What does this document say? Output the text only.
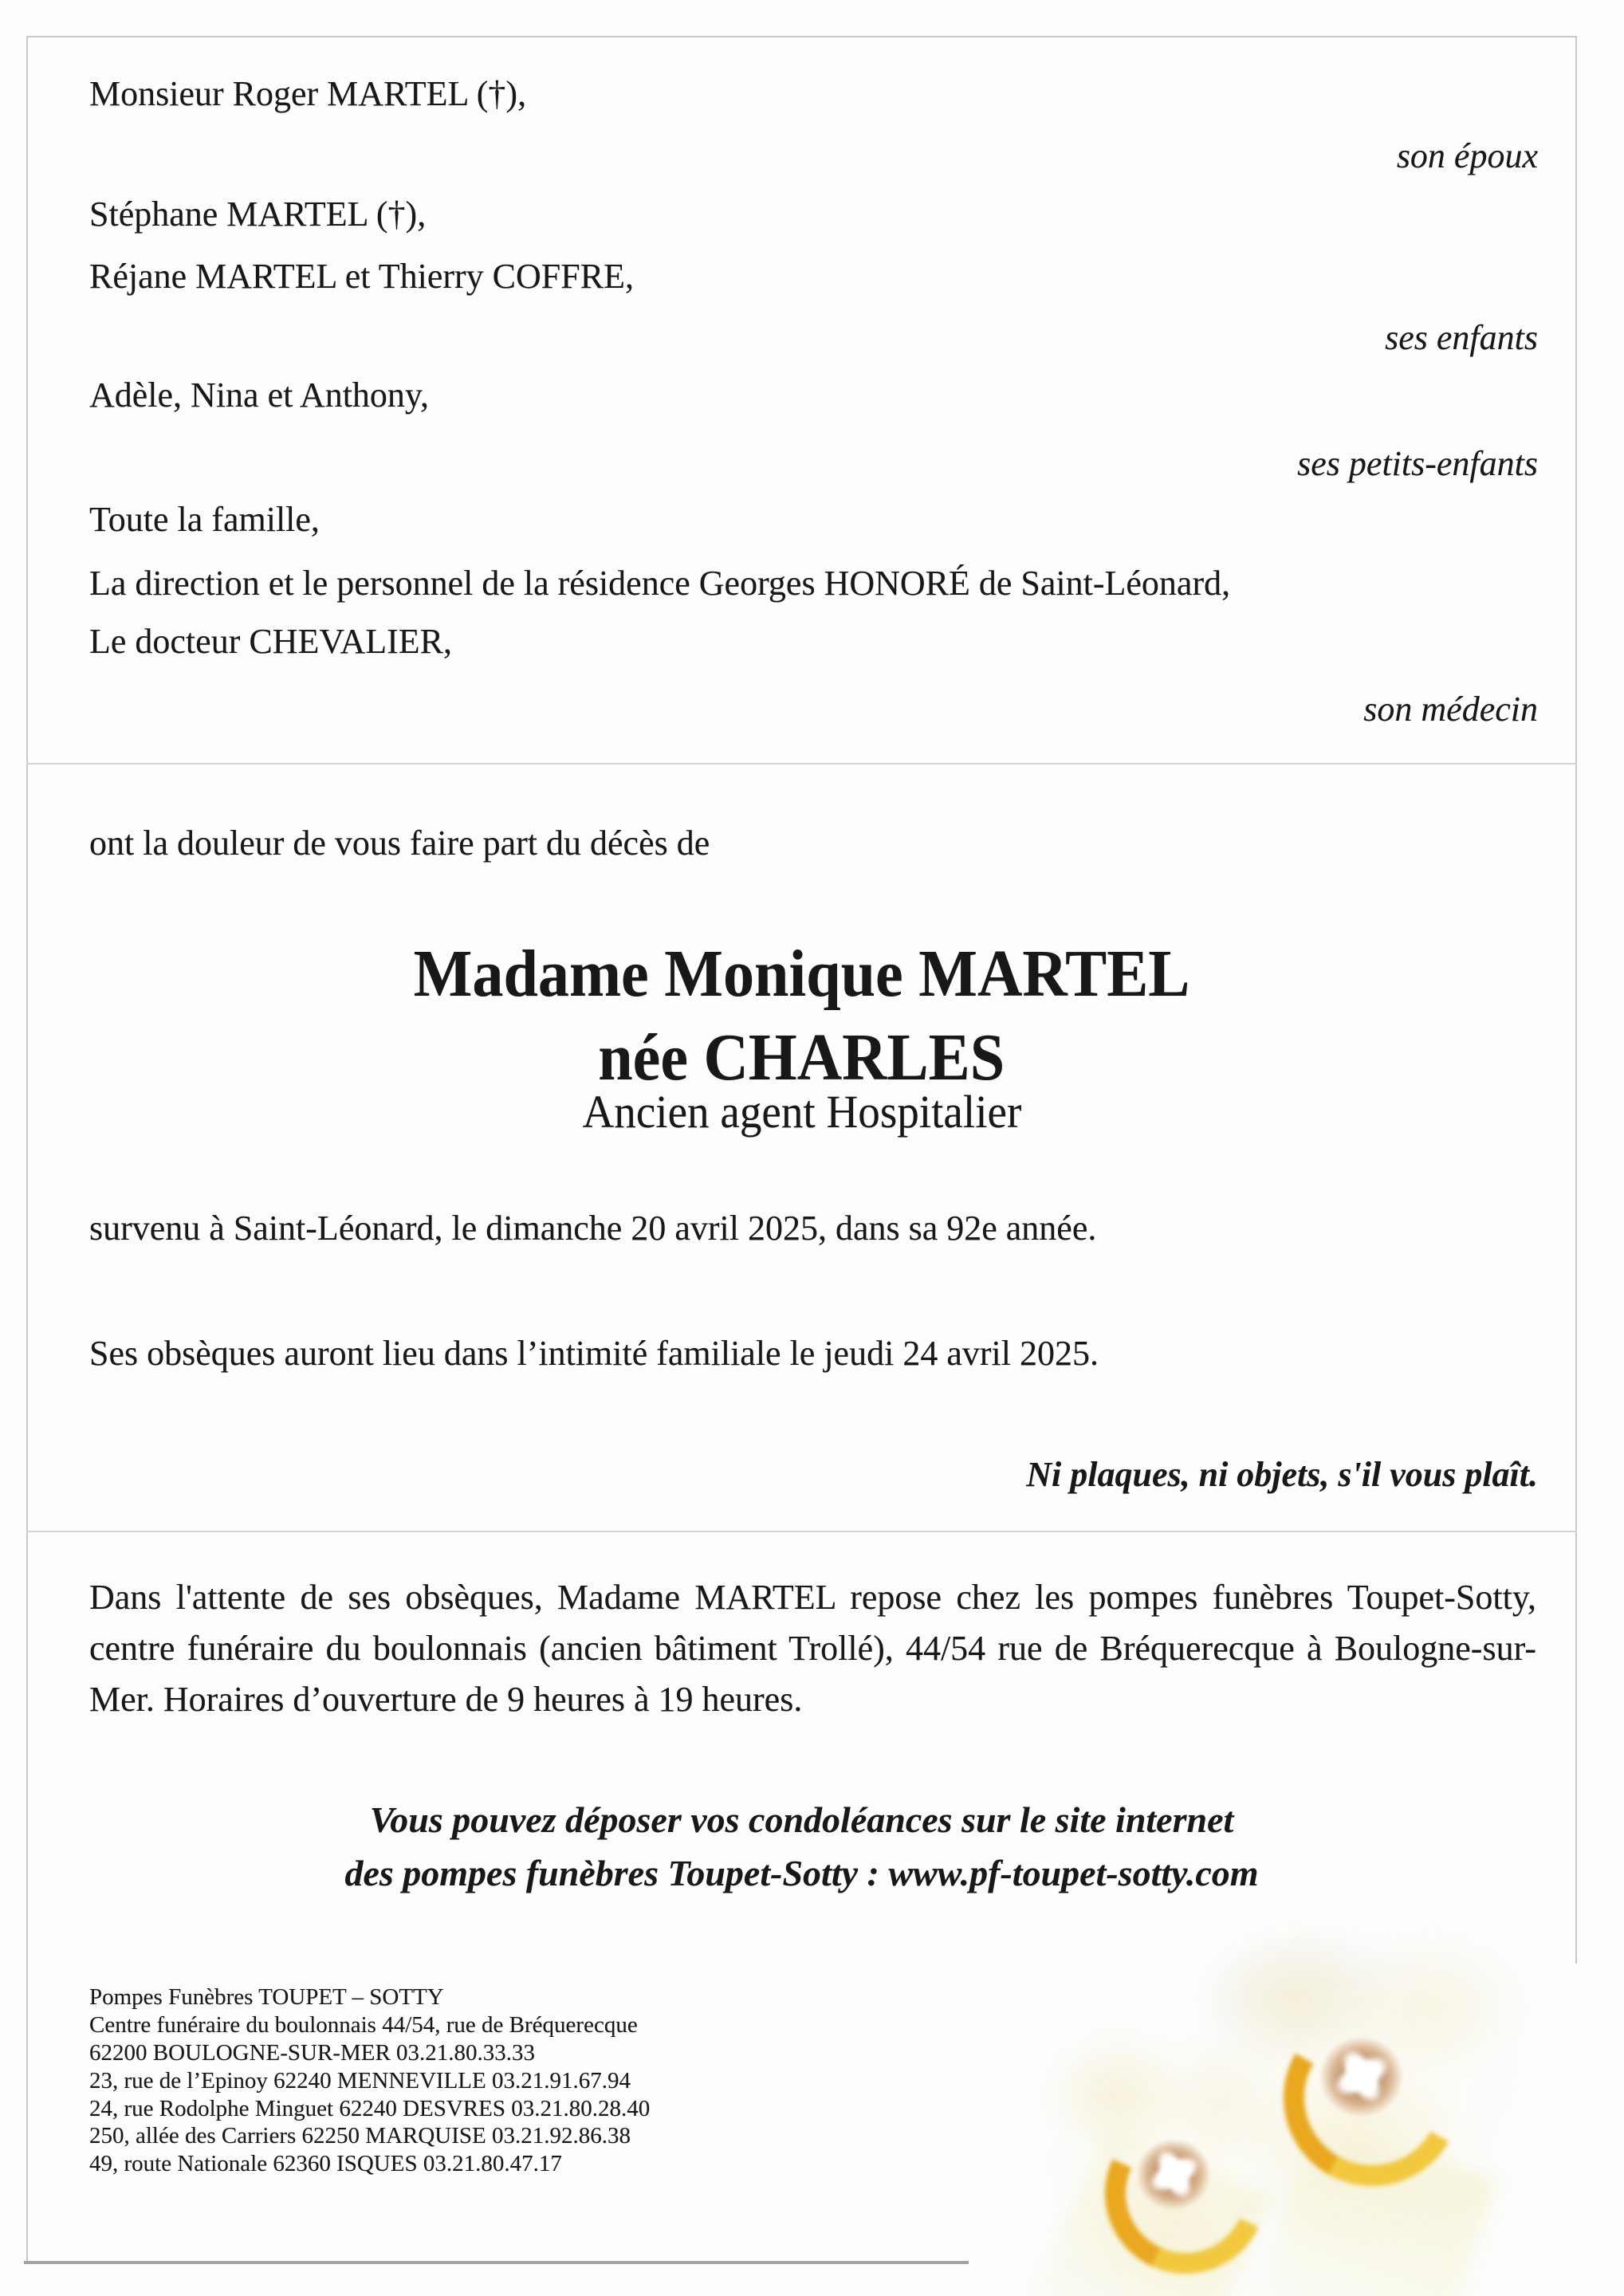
Monsieur Roger MARTEL (†),
son époux
Stéphane MARTEL (†),
Réjane MARTEL et Thierry COFFRE,
ses enfants
Adèle, Nina et Anthony,
ses petits-enfants
Toute la famille,
La direction et le personnel de la résidence Georges HONORÉ de Saint-Léonard,
Le docteur CHEVALIER,
son médecin
ont la douleur de vous faire part du décès de
Madame Monique MARTEL
née CHARLES
Ancien agent Hospitalier
survenu à Saint-Léonard, le dimanche 20 avril 2025, dans sa 92e année.
Ses obsèques auront lieu dans l’intimité familiale le jeudi 24 avril 2025.
Ni plaques, ni objets, s'il vous plaît.

Dans l'attente de ses obsèques, Madame MARTEL repose chez les pompes funèbres Toupet-Sotty, centre funéraire du boulonnais (ancien bâtiment Trollé), 44/54 rue de Bréquerecque à Boulogne-sur-Mer. Horaires d’ouverture de 9 heures à 19 heures.

Vous pouvez déposer vos condoléances sur le site internet
des pompes funèbres Toupet-Sotty : www.pf-toupet-sotty.com
Pompes Funèbres TOUPET – SOTTY
Centre funéraire du boulonnais 44/54, rue de Bréquerecque
62200 BOULOGNE-SUR-MER 03.21.80.33.33
23, rue de l’Epinoy 62240 MENNEVILLE 03.21.91.67.94
24, rue Rodolphe Minguet 62240 DESVRES 03.21.80.28.40
250, allée des Carriers 62250 MARQUISE 03.21.92.86.38
49, route Nationale 62360 ISQUES 03.21.80.47.17
